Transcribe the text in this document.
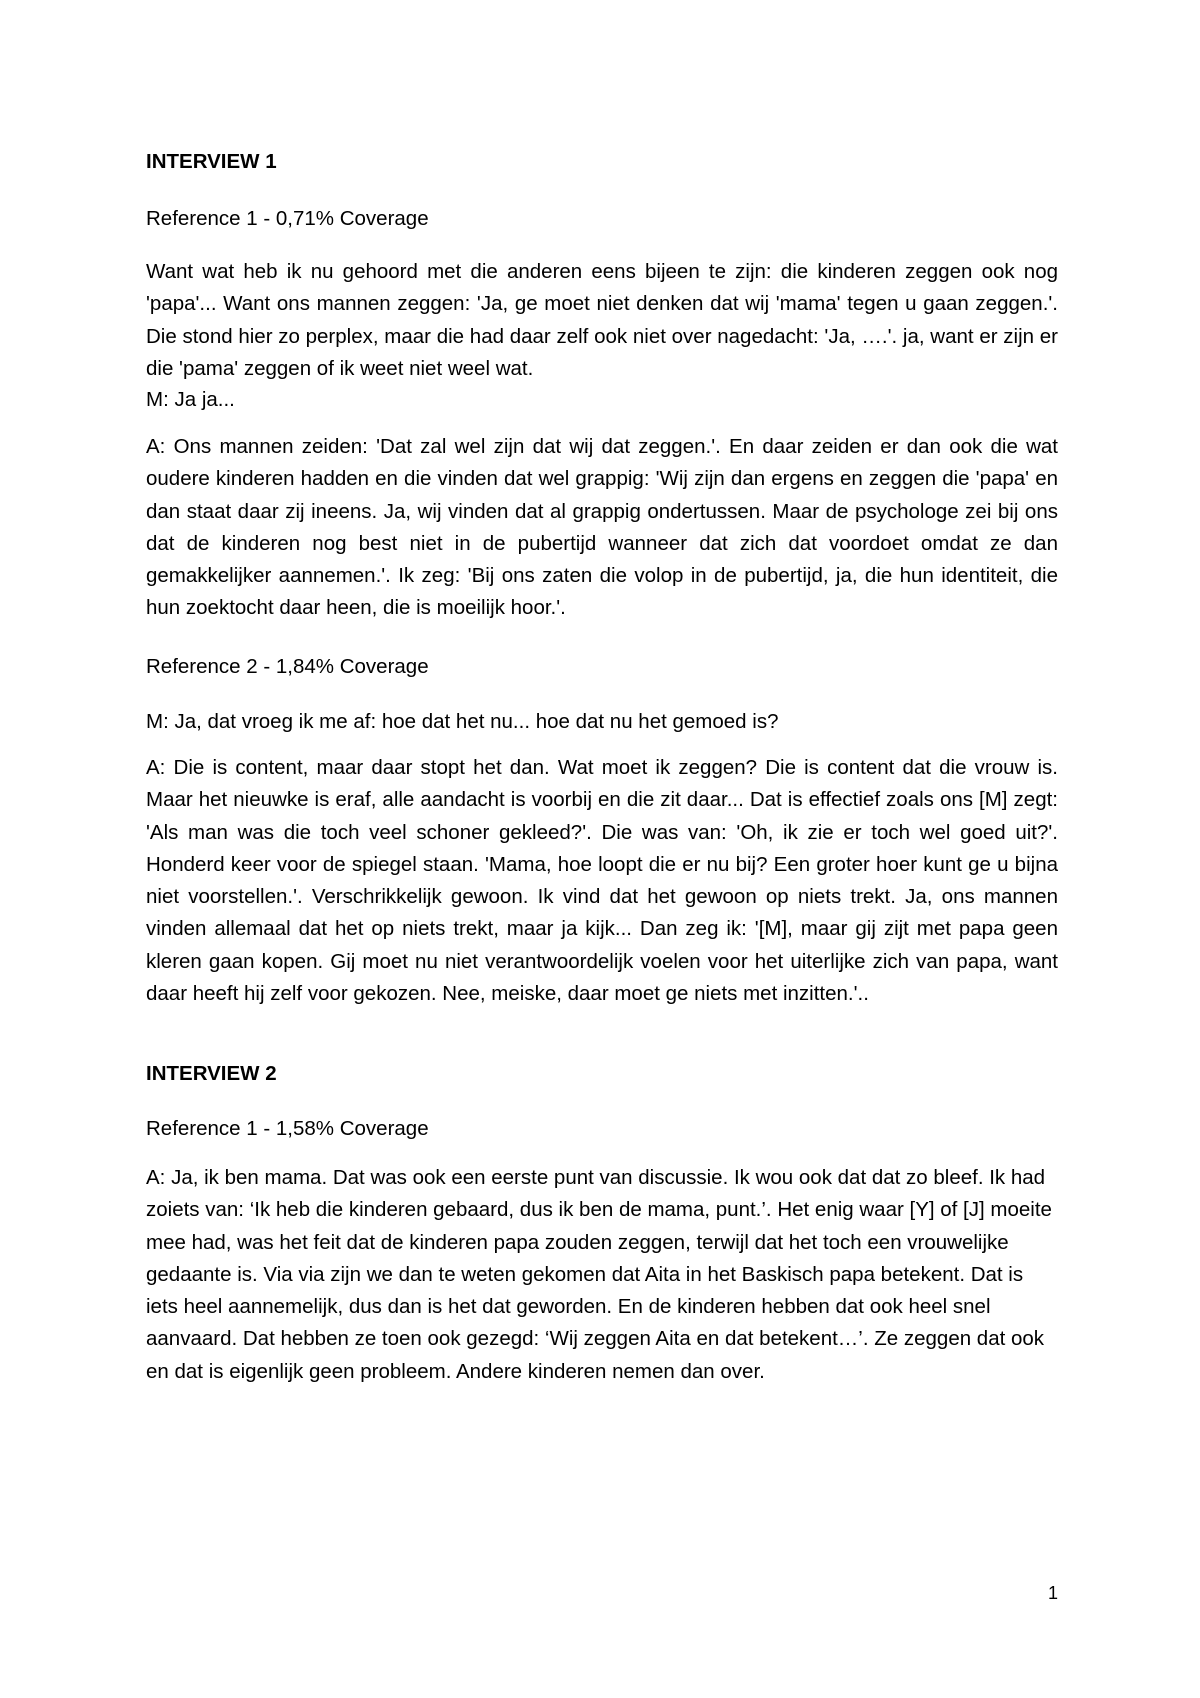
INTERVIEW 1

Reference 1 - 0,71% Coverage

Want wat heb ik nu gehoord met die anderen eens bijeen te zijn: die kinderen zeggen ook nog 'papa'... Want ons mannen zeggen: 'Ja, ge moet niet denken dat wij 'mama' tegen u gaan zeggen.'. Die stond hier zo perplex, maar die had daar zelf ook niet over nagedacht: 'Ja, ….'. ja, want er zijn er die 'pama' zeggen of ik weet niet weel wat.

M: Ja ja...

A: Ons mannen zeiden: 'Dat zal wel zijn dat wij dat zeggen.'. En daar zeiden er dan ook die wat oudere kinderen hadden en die vinden dat wel grappig: 'Wij zijn dan ergens en zeggen die 'papa' en dan staat daar zij ineens. Ja, wij vinden dat al grappig ondertussen. Maar de psychologe zei bij ons dat de kinderen nog best niet in de pubertijd wanneer dat zich dat voordoet omdat ze dan gemakkelijker aannemen.'. Ik zeg: 'Bij ons zaten die volop in de pubertijd, ja, die hun identiteit, die hun zoektocht daar heen, die is moeilijk hoor.'.

Reference 2 - 1,84% Coverage

M: Ja, dat vroeg ik me af: hoe dat het nu... hoe dat nu het gemoed is?

A: Die is content, maar daar stopt het dan. Wat moet ik zeggen? Die is content dat die vrouw is. Maar het nieuwke is eraf, alle aandacht is voorbij en die zit daar... Dat is effectief zoals ons [M] zegt: 'Als man was die toch veel schoner gekleed?'. Die was van: 'Oh, ik zie er toch wel goed uit?'. Honderd keer voor de spiegel staan. 'Mama, hoe loopt die er nu bij? Een groter hoer kunt ge u bijna niet voorstellen.'. Verschrikkelijk gewoon. Ik vind dat het gewoon op niets trekt. Ja, ons mannen vinden allemaal dat het op niets trekt, maar ja kijk... Dan zeg ik: '[M], maar gij zijt met papa geen kleren gaan kopen. Gij moet nu niet verantwoordelijk voelen voor het uiterlijke zich van papa, want daar heeft hij zelf voor gekozen. Nee, meiske, daar moet ge niets met inzitten.'..

INTERVIEW 2

Reference 1 - 1,58% Coverage

A: Ja, ik ben mama. Dat was ook een eerste punt van discussie. Ik wou ook dat dat zo bleef. Ik had zoiets van: ‘Ik heb die kinderen gebaard, dus ik ben de mama, punt.’. Het enig waar [Y] of [J] moeite mee had, was het feit dat de kinderen papa zouden zeggen, terwijl dat het toch een vrouwelijke gedaante is. Via via zijn we dan te weten gekomen dat Aita in het Baskisch papa betekent. Dat is iets heel aannemelijk, dus dan is het dat geworden. En de kinderen hebben dat ook heel snel aanvaard. Dat hebben ze toen ook gezegd: ‘Wij zeggen Aita en dat betekent…’. Ze zeggen dat ook en dat is eigenlijk geen probleem. Andere kinderen nemen dan over.

1
